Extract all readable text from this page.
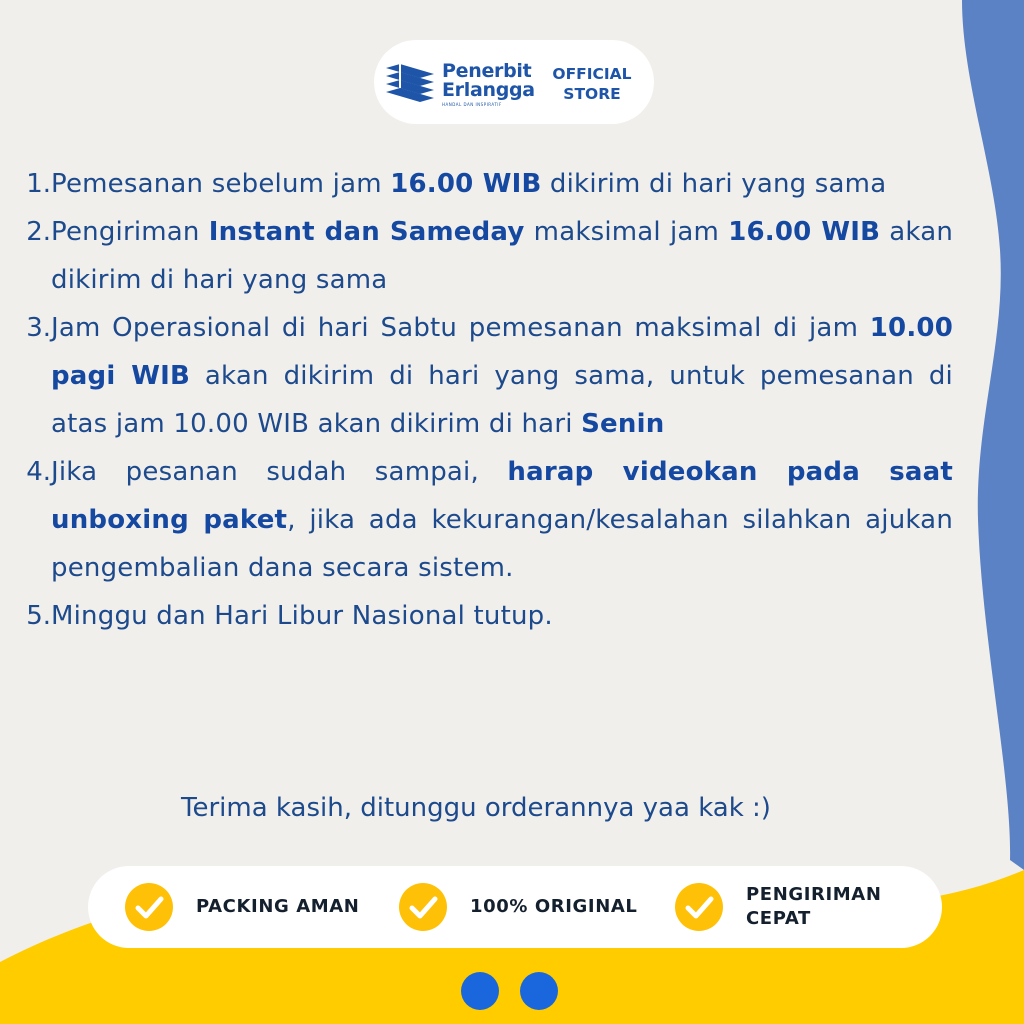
Penerbit
Erlangga
HANDAL DAN INSPIRATIF
OFFICIAL
STORE
1. Pemesanan sebelum jam 16.00 WIB dikirim di hari yang sama
2. Pengiriman Instant dan Sameday maksimal jam 16.00 WIB akan dikirim di hari yang sama
3. Jam Operasional di hari Sabtu pemesanan maksimal di jam 10.00 pagi WIB akan dikirim di hari yang sama, untuk pemesanan di atas jam 10.00 WIB akan dikirim di hari Senin
4. Jika pesanan sudah sampai, harap videokan pada saat unboxing paket, jika ada kekurangan/kesalahan silahkan ajukan pengembalian dana secara sistem.
5. Minggu dan Hari Libur Nasional tutup.
Terima kasih, ditunggu orderannya yaa kak :)
PACKING AMAN	100% ORIGINAL
PENGIRIMAN
CEPAT
